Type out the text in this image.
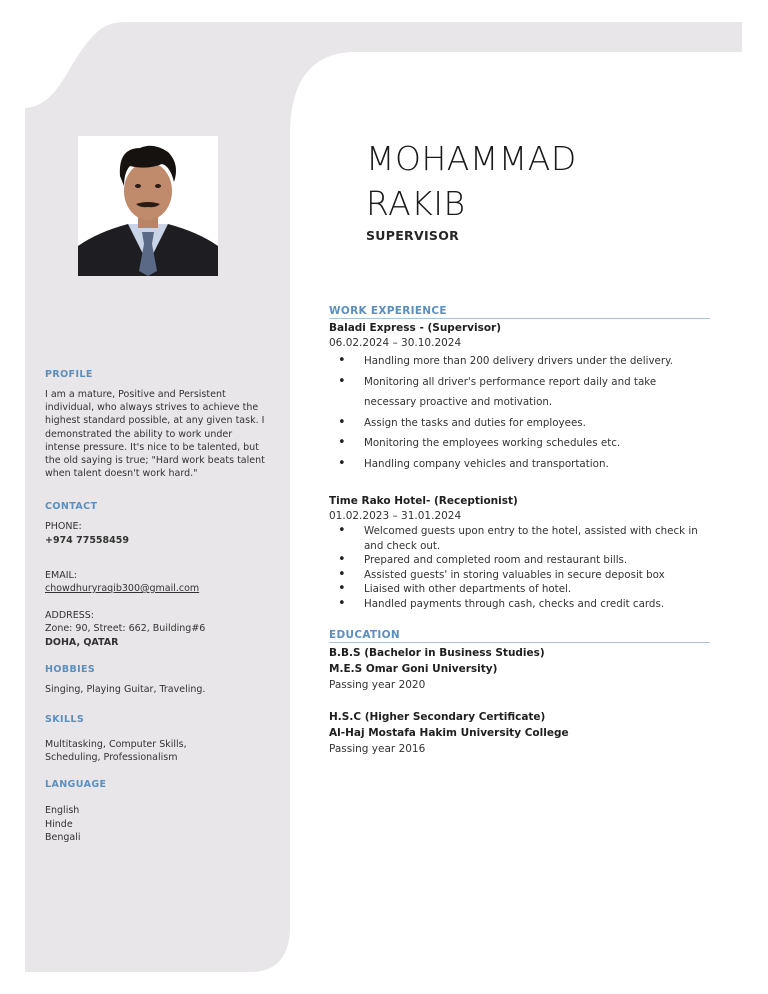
MOHAMMAD
RAKIB
SUPERVISOR
PROFILE

I am a mature, Positive and Persistent individual, who always strives to achieve the highest standard possible, at any given task. I demonstrated the ability to work under intense pressure. It's nice to be talented, but the old saying is true; "Hard work beats talent when talent doesn't work hard."

CONTACT

PHONE:

+974 77558459

EMAIL:

chowdhuryraqib300@gmail.com

ADDRESS:

Zone: 90, Street: 662, Building#6

DOHA, QATAR

HOBBIES

Singing, Playing Guitar, Traveling.

SKILLS

Multitasking, Computer Skills,

Scheduling, Professionalism

LANGUAGE

English

Hinde

Bengali

WORK EXPERIENCE
Baladi Express - (Supervisor)
06.02.2024 – 30.10.2024
• Handling more than 200 delivery drivers under the delivery.
• Monitoring all driver's performance report daily and take necessary proactive and motivation.
• Assign the tasks and duties for employees.
• Monitoring the employees working schedules etc.
• Handling company vehicles and transportation.
Time Rako Hotel- (Receptionist)
01.02.2023 – 31.01.2024
• Welcomed guests upon entry to the hotel, assisted with check in and check out.
• Prepared and completed room and restaurant bills.
• Assisted guests' in storing valuables in secure deposit box
• Liaised with other departments of hotel.
• Handled payments through cash, checks and credit cards.
EDUCATION
B.B.S (Bachelor in Business Studies)
M.E.S Omar Goni University)
Passing year 2020
H.S.C (Higher Secondary Certificate)
Al-Haj Mostafa Hakim University College
Passing year 2016
